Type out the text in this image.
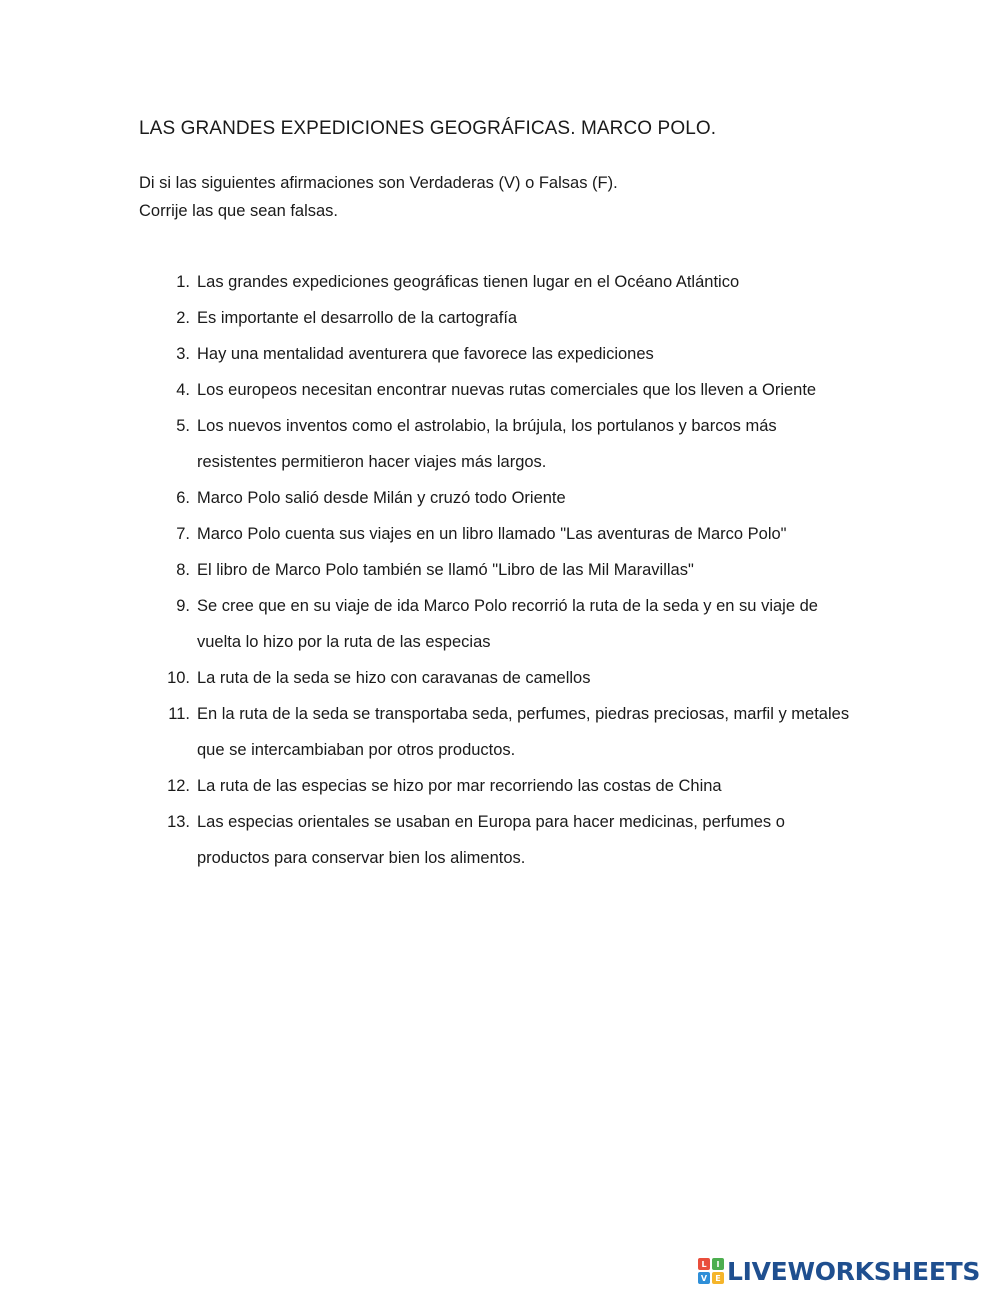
LAS GRANDES EXPEDICIONES GEOGRÁFICAS. MARCO POLO.
Di si las siguientes afirmaciones son Verdaderas (V) o Falsas (F).
Corrije las que sean falsas.
1. Las grandes expediciones geográficas tienen lugar en el Océano Atlántico
2. Es importante el desarrollo de la cartografía
3. Hay una mentalidad aventurera que favorece las expediciones
4. Los europeos necesitan encontrar nuevas rutas comerciales que los lleven a Oriente
5. Los nuevos inventos como el astrolabio, la brújula, los portulanos y barcos más
resistentes permitieron hacer viajes más largos.
6. Marco Polo salió desde Milán y cruzó todo Oriente
7. Marco Polo cuenta sus viajes en un libro llamado "Las aventuras de Marco Polo"
8. El libro de Marco Polo también se llamó "Libro de las Mil Maravillas"
9. Se cree que en su viaje de ida Marco Polo recorrió la ruta de la seda y en su viaje de
vuelta lo hizo por la ruta de las especias
10. La ruta de la seda se hizo con caravanas de camellos
11. En la ruta de la seda se transportaba seda, perfumes, piedras preciosas, marfil y metales
que se intercambiaban por otros productos.
12. La ruta de las especias se hizo por mar recorriendo las costas de China
13. Las especias orientales se usaban en Europa para hacer medicinas, perfumes o
productos para conservar bien los alimentos.
L	I
V	E LIVEWORKSHEETS
